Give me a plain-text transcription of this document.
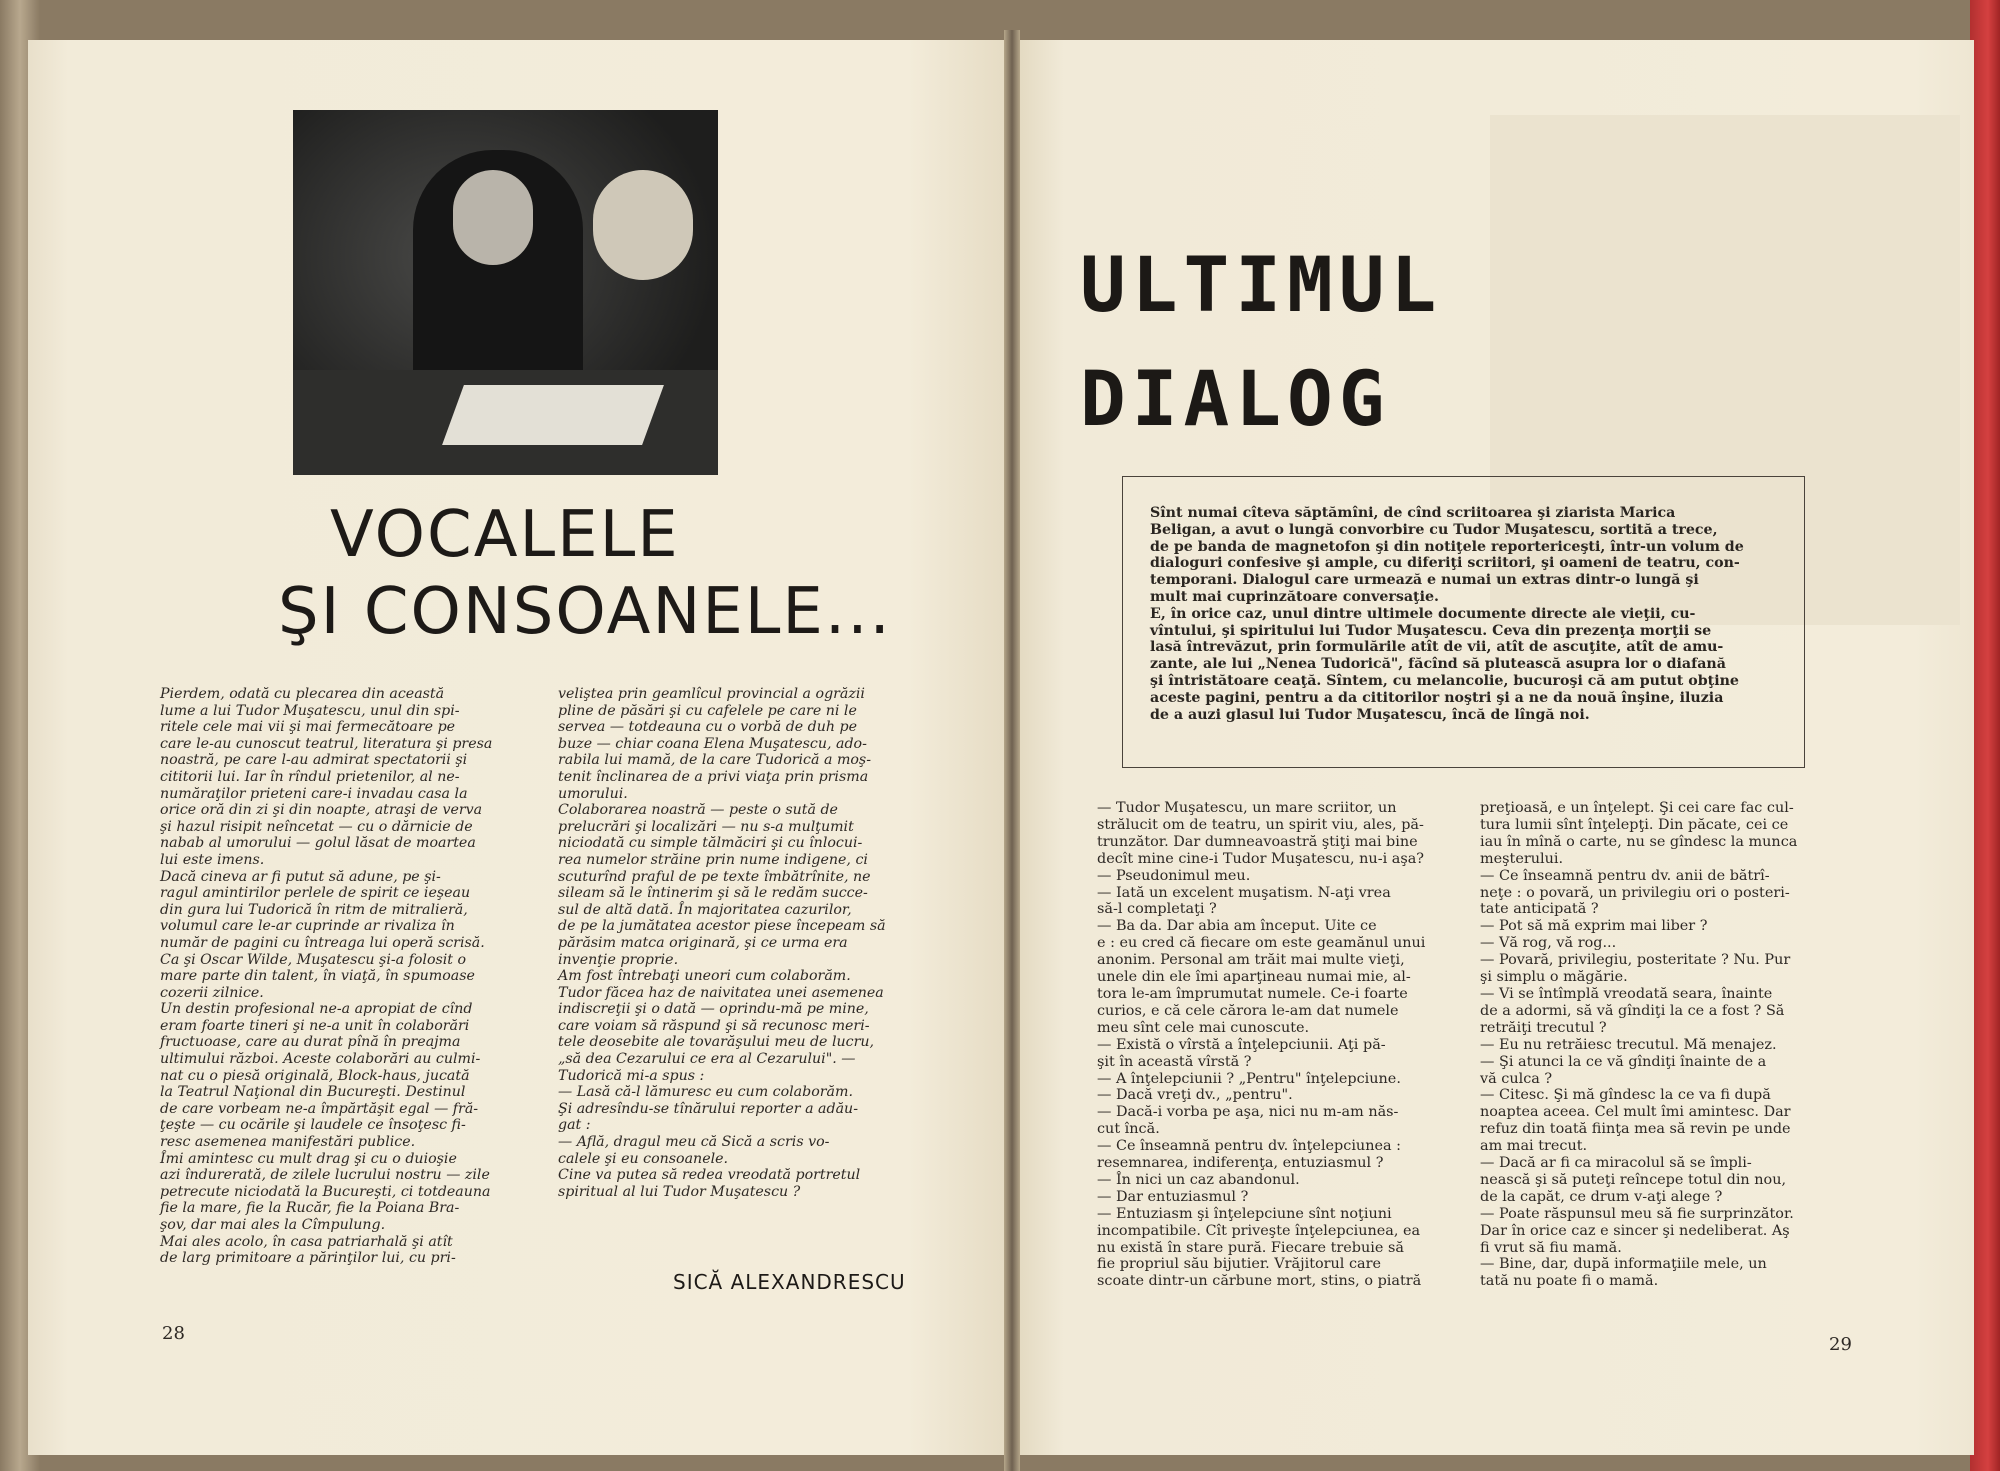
VOCALELE
ŞI CONSOANELE...
Pierdem, odată cu plecarea din această
lume a lui Tudor Muşatescu, unul din spi-
ritele cele mai vii şi mai fermecătoare pe
care le-au cunoscut teatrul, literatura şi presa
noastră, pe care l-au admirat spectatorii şi
cititorii lui. Iar în rîndul prietenilor, al ne-
număraţilor prieteni care-i invadau casa la
orice oră din zi şi din noapte, atraşi de verva
şi hazul risipit neîncetat — cu o dărnicie de
nabab al umorului — golul lăsat de moartea
lui este imens.
Dacă cineva ar fi putut să adune, pe şi-
ragul amintirilor perlele de spirit ce ieşeau
din gura lui Tudorică în ritm de mitralieră,
volumul care le-ar cuprinde ar rivaliza în
număr de pagini cu întreaga lui operă scrisă.
Ca şi Oscar Wilde, Muşatescu şi-a folosit o
mare parte din talent, în viaţă, în spumoase
cozerii zilnice.
Un destin profesional ne-a apropiat de cînd
eram foarte tineri şi ne-a unit în colaborări
fructuoase, care au durat pînă în preajma
ultimului război. Aceste colaborări au culmi-
nat cu o piesă originală, Block-haus, jucată
la Teatrul Naţional din Bucureşti. Destinul
de care vorbeam ne-a împărtăşit egal — fră-
ţeşte — cu ocările şi laudele ce însoţesc fi-
resc asemenea manifestări publice.
Îmi amintesc cu mult drag şi cu o duioşie
azi îndurerată, de zilele lucrului nostru — zile
petrecute niciodată la Bucureşti, ci totdeauna
fie la mare, fie la Rucăr, fie la Poiana Bra-
şov, dar mai ales la Cîmpulung.
Mai ales acolo, în casa patriarhală şi atît
de larg primitoare a părinţilor lui, cu pri-
veliştea prin geamlîcul provincial a ogrăzii
pline de păsări şi cu cafelele pe care ni le
servea — totdeauna cu o vorbă de duh pe
buze — chiar coana Elena Muşatescu, ado-
rabila lui mamă, de la care Tudorică a moş-
tenit înclinarea de a privi viaţa prin prisma
umorului.
Colaborarea noastră — peste o sută de
prelucrări şi localizări — nu s-a mulţumit
niciodată cu simple tălmăciri şi cu înlocui-
rea numelor străine prin nume indigene, ci
scuturînd praful de pe texte îmbătrînite, ne
sileam să le întinerim şi să le redăm succe-
sul de altă dată. În majoritatea cazurilor,
de pe la jumătatea acestor piese începeam să
părăsim matca originară, şi ce urma era
invenţie proprie.
Am fost întrebaţi uneori cum colaborăm.
Tudor făcea haz de naivitatea unei asemenea
indiscreţii şi o dată — oprindu-mă pe mine,
care voiam să răspund şi să recunosc meri-
tele deosebite ale tovarăşului meu de lucru,
„să dea Cezarului ce era al Cezarului". —
Tudorică mi-a spus :
— Lasă că-l lămuresc eu cum colaborăm.
Şi adresîndu-se tînărului reporter a adău-
gat :
— Află, dragul meu că Sică a scris vo-
calele şi eu consoanele.
Cine va putea să redea vreodată portretul
spiritual al lui Tudor Muşatescu ?
SICĂ ALEXANDRESCU
28
ULTIMUL
DIALOG
Sînt numai cîteva săptămîni, de cînd scriitoarea şi ziarista Marica
Beligan, a avut o lungă convorbire cu Tudor Muşatescu, sortită a trece,
de pe banda de magnetofon şi din notiţele reportericeşti, într-un volum de
dialoguri confesive şi ample, cu diferiţi scriitori, şi oameni de teatru, con-
temporani. Dialogul care urmează e numai un extras dintr-o lungă şi
mult mai cuprinzătoare conversaţie.
E, în orice caz, unul dintre ultimele documente directe ale vieţii, cu-
vîntului, şi spiritului lui Tudor Muşatescu. Ceva din prezenţa morţii se
lasă întrevăzut, prin formulările atît de vii, atît de ascuţite, atît de amu-
zante, ale lui „Nenea Tudorică", făcînd să plutească asupra lor o diafană
şi întristătoare ceaţă. Sîntem, cu melancolie, bucuroşi că am putut obţine
aceste pagini, pentru a da cititorilor noştri şi a ne da nouă înşine, iluzia
de a auzi glasul lui Tudor Muşatescu, încă de lîngă noi.
— Tudor Muşatescu, un mare scriitor, un
strălucit om de teatru, un spirit viu, ales, pă-
trunzător. Dar dumneavoastră ştiţi mai bine
decît mine cine-i Tudor Muşatescu, nu-i aşa?
— Pseudonimul meu.
— Iată un excelent muşatism. N-aţi vrea
să-l completaţi ?
— Ba da. Dar abia am început. Uite ce
e : eu cred că fiecare om este geamănul unui
anonim. Personal am trăit mai multe vieţi,
unele din ele îmi aparţineau numai mie, al-
tora le-am împrumutat numele. Ce-i foarte
curios, e că cele cărora le-am dat numele
meu sînt cele mai cunoscute.
— Există o vîrstă a înţelepciunii. Aţi pă-
şit în această vîrstă ?
— A înţelepciunii ? „Pentru" înţelepciune.
— Dacă vreţi dv., „pentru".
— Dacă-i vorba pe aşa, nici nu m-am năs-
cut încă.
— Ce înseamnă pentru dv. înţelepciunea :
resemnarea, indiferenţa, entuziasmul ?
— În nici un caz abandonul.
— Dar entuziasmul ?
— Entuziasm şi înţelepciune sînt noţiuni
incompatibile. Cît priveşte înţelepciunea, ea
nu există în stare pură. Fiecare trebuie să
fie propriul său bijutier. Vrăjitorul care
scoate dintr-un cărbune mort, stins, o piatră
preţioasă, e un înţelept. Şi cei care fac cul-
tura lumii sînt înţelepţi. Din păcate, cei ce
iau în mînă o carte, nu se gîndesc la munca
meşterului.
— Ce înseamnă pentru dv. anii de bătrî-
neţe : o povară, un privilegiu ori o posteri-
tate anticipată ?
— Pot să mă exprim mai liber ?
— Vă rog, vă rog...
— Povară, privilegiu, posteritate ? Nu. Pur
şi simplu o măgărie.
— Vi se întîmplă vreodată seara, înainte
de a adormi, să vă gîndiţi la ce a fost ? Să
retrăiţi trecutul ?
— Eu nu retrăiesc trecutul. Mă menajez.
— Şi atunci la ce vă gîndiţi înainte de a
vă culca ?
— Citesc. Şi mă gîndesc la ce va fi după
noaptea aceea. Cel mult îmi amintesc. Dar
refuz din toată fiinţa mea să revin pe unde
am mai trecut.
— Dacă ar fi ca miracolul să se împli-
nească şi să puteţi reîncepe totul din nou,
de la capăt, ce drum v-aţi alege ?
— Poate răspunsul meu să fie surprinzător.
Dar în orice caz e sincer şi nedeliberat. Aş
fi vrut să fiu mamă.
— Bine, dar, după informaţiile mele, un
tată nu poate fi o mamă.
29
